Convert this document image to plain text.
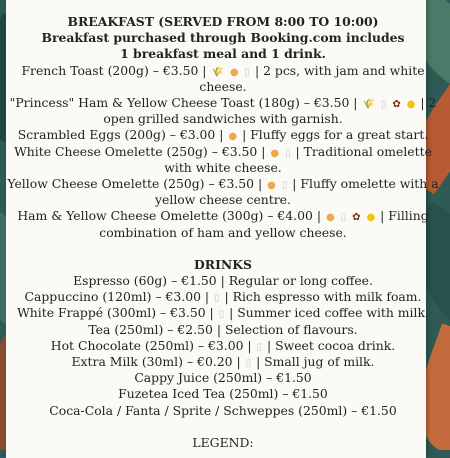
BREAKFAST (SERVED FROM 8:00 TO 10:00)
Breakfast purchased through Booking.com includes
1 breakfast meal and 1 drink.
French Toast (200g) – €3.50 | 🌾 ● ▯ | 2 pcs, with jam and white
cheese.
"Princess" Ham & Yellow Cheese Toast (180g) – €3.50 | 🌾 ▯ ✿ ● | 2
open grilled sandwiches with garnish.
Scrambled Eggs (200g) – €3.00 | ● | Fluffy eggs for a great start.
White Cheese Omelette (250g) – €3.50 | ● ▯ | Traditional omelette
with white cheese.
Yellow Cheese Omelette (250g) – €3.50 | ● ▯ | Fluffy omelette with a
yellow cheese centre.
Ham & Yellow Cheese Omelette (300g) – €4.00 | ● ▯ ✿ ● | Filling
combination of ham and yellow cheese.
DRINKS
Espresso (60g) – €1.50 | Regular or long coffee.
Cappuccino (120ml) – €3.00 | ▯ | Rich espresso with milk foam.
White Frappé (300ml) – €3.50 | ▯ | Summer iced coffee with milk.
Tea (250ml) – €2.50 | Selection of flavours.
Hot Chocolate (250ml) – €3.00 | ▯ | Sweet cocoa drink.
Extra Milk (30ml) – €0.20 | ▯ | Small jug of milk.
Cappy Juice (250ml) – €1.50
Fuzetea Iced Tea (250ml) – €1.50
Coca-Cola / Fanta / Sprite / Schweppes (250ml) – €1.50
LEGEND:
